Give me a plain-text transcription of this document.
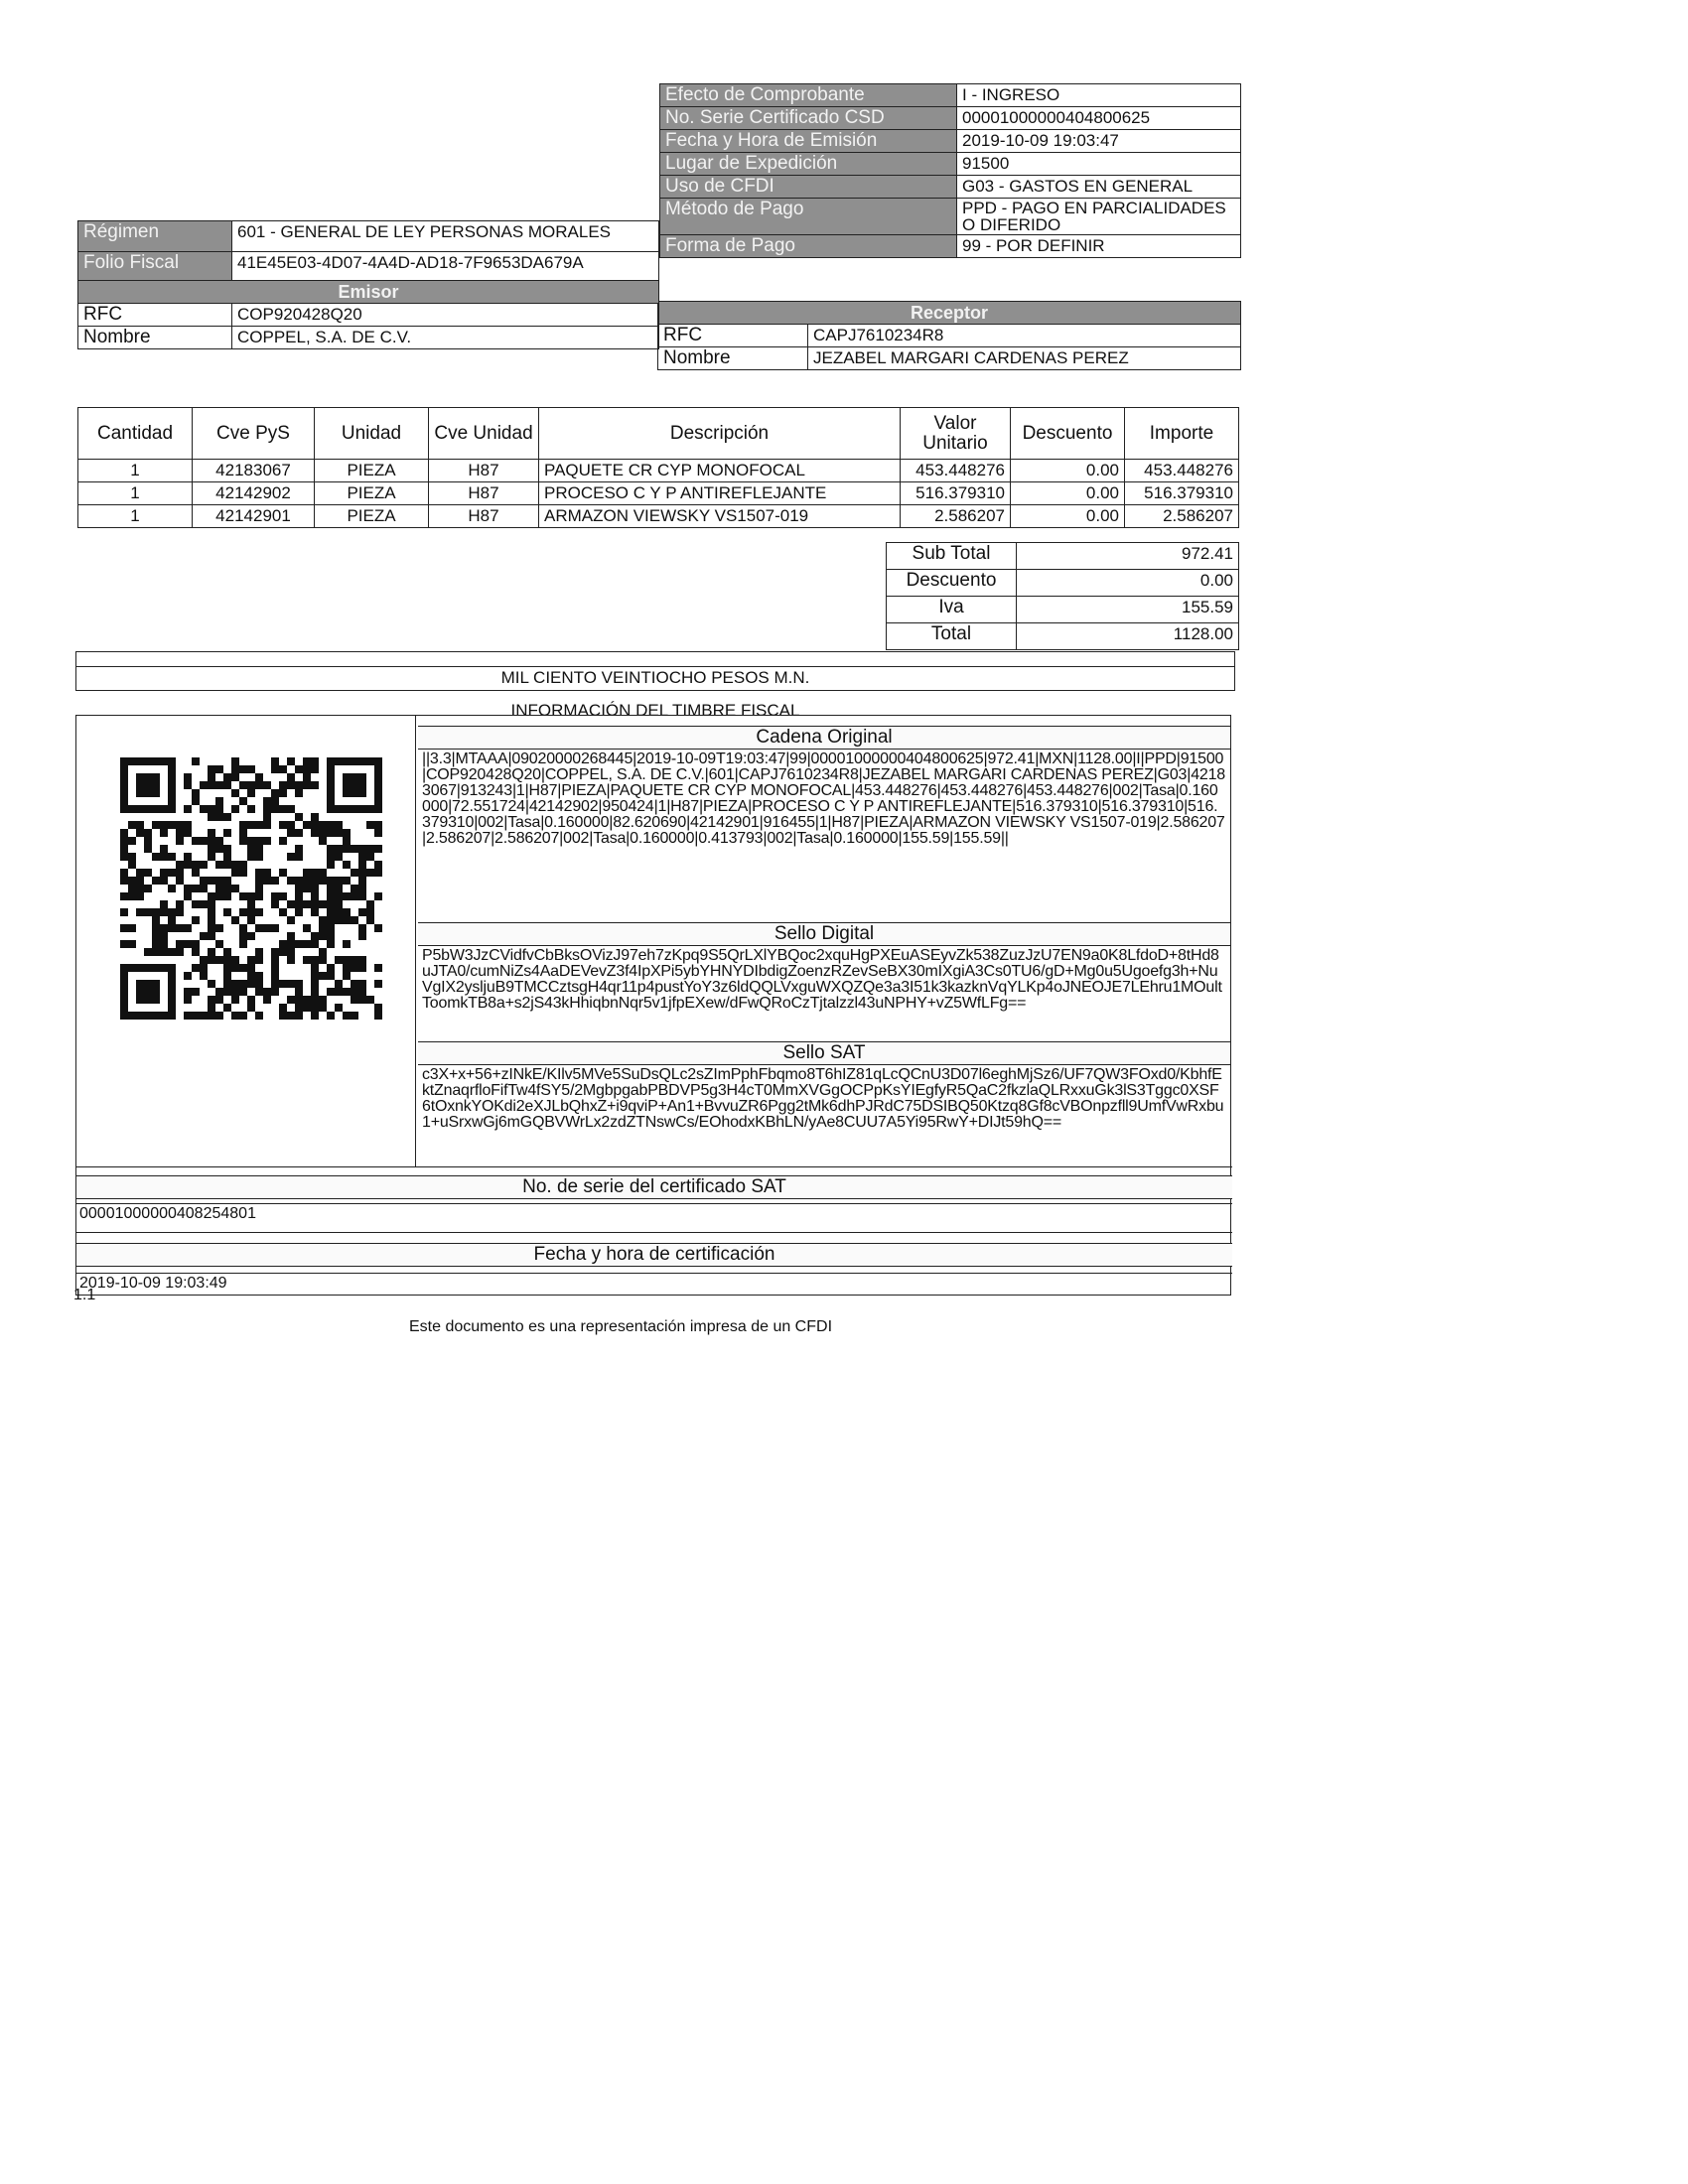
Efecto de Comprobante	I - INGRESO
No. Serie Certificado CSD	00001000000404800625
Fecha y Hora de Emisión	2019-10-09 19:03:47
Lugar de Expedición	91500
Uso de CFDI	G03 - GASTOS EN GENERAL
Método de Pago	PPD - PAGO EN PARCIALIDADES O DIFERIDO
Forma de Pago	99 - POR DEFINIR
Receptor	
RFC	CAPJ7610234R8
Nombre	JEZABEL MARGARI CARDENAS PEREZ
Régimen	601 - GENERAL DE LEY PERSONAS MORALES
Folio Fiscal	41E45E03-4D07-4A4D-AD18-7F9653DA679A
Emisor	
RFC	COP920428Q20
Nombre	COPPEL, S.A. DE C.V.
Cantidad	Cve PyS	Unidad	Cve Unidad	Descripción	Valor Unitario	Descuento	Importe
1	42183067	PIEZA	H87	PAQUETE CR CYP MONOFOCAL	453.448276	0.00	453.448276
1	42142902	PIEZA	H87	PROCESO C Y P ANTIREFLEJANTE	516.379310	0.00	516.379310
1	42142901	PIEZA	H87	ARMAZON VIEWSKY VS1507-019	2.586207	0.00	2.586207
Sub Total	972.41
Descuento	0.00
Iva	155.59
Total	1128.00
MIL CIENTO VEINTIOCHO PESOS M.N.
INFORMACIÓN DEL TIMBRE FISCAL
Cadena Original
||3.3|MTAAA|09020000268445|2019-10-09T19:03:47|99|00001000000404800625|972.41|MXN|1128.00|I|PPD|91500|COP920428Q20|COPPEL, S.A. DE C.V.|601|CAPJ7610234R8|JEZABEL MARGARI CARDENAS PEREZ|G03|42183067|913243|1|H87|PIEZA|PAQUETE CR CYP MONOFOCAL|453.448276|453.448276|453.448276|002|Tasa|0.160000|72.551724|42142902|950424|1|H87|PIEZA|PROCESO C Y P ANTIREFLEJANTE|516.379310|516.379310|516.379310|002|Tasa|0.160000|82.620690|42142901|916455|1|H87|PIEZA|ARMAZON VIEWSKY VS1507-019|2.586207|2.586207|2.586207|002|Tasa|0.160000|0.413793|002|Tasa|0.160000|155.59|155.59||
Sello Digital
P5bW3JzCVidfvCbBksOVizJ97eh7zKpq9S5QrLXlYBQoc2xquHgPXEuASEyvZk538ZuzJzU7EN9a0K8LfdoD+8tHd8uJTA0/cumNiZs4AaDEVevZ3f4IpXPi5ybYHNYDIbdigZoenzRZevSeBX30mIXgiA3Cs0TU6/gD+Mg0u5Ugoefg3h+NuVgIX2ysljuB9TMCCztsgH4qr11p4pustYoY3z6ldQQLVxguWXQZQe3a3I51k3kazknVqYLKp4oJNEOJE7LEhru1MOultToomkTB8a+s2jS43kHhiqbnNqr5v1jfpEXew/dFwQRoCzTjtalzzl43uNPHY+vZ5WfLFg==
Sello SAT
c3X+x+56+zINkE/KIlv5MVe5SuDsQLc2sZImPphFbqmo8T6hIZ81qLcQCnU3D07l6eghMjSz6/UF7QW3FOxd0/KbhfEktZnaqrfloFifTw4fSY5/2MgbpgabPBDVP5g3H4cT0MmXVGgOCPpKsYIEgfyR5QaC2fkzlaQLRxxuGk3lS3Tggc0XSF6tOxnkYOKdi2eXJLbQhxZ+i9qviP+An1+BvvuZR6Pgg2tMk6dhPJRdC75DSIBQ50Ktzq8Gf8cVBOnpzfll9UmfVwRxbu1+uSrxwGj6mGQBVWrLx2zdZTNswCs/EOhodxKBhLN/yAe8CUU7A5Yi95RwY+DIJt59hQ==
No. de serie del certificado SAT
00001000000408254801
Fecha y hora de certificación
2019-10-09 19:03:49
1.1
Este documento es una representación impresa de un CFDI
